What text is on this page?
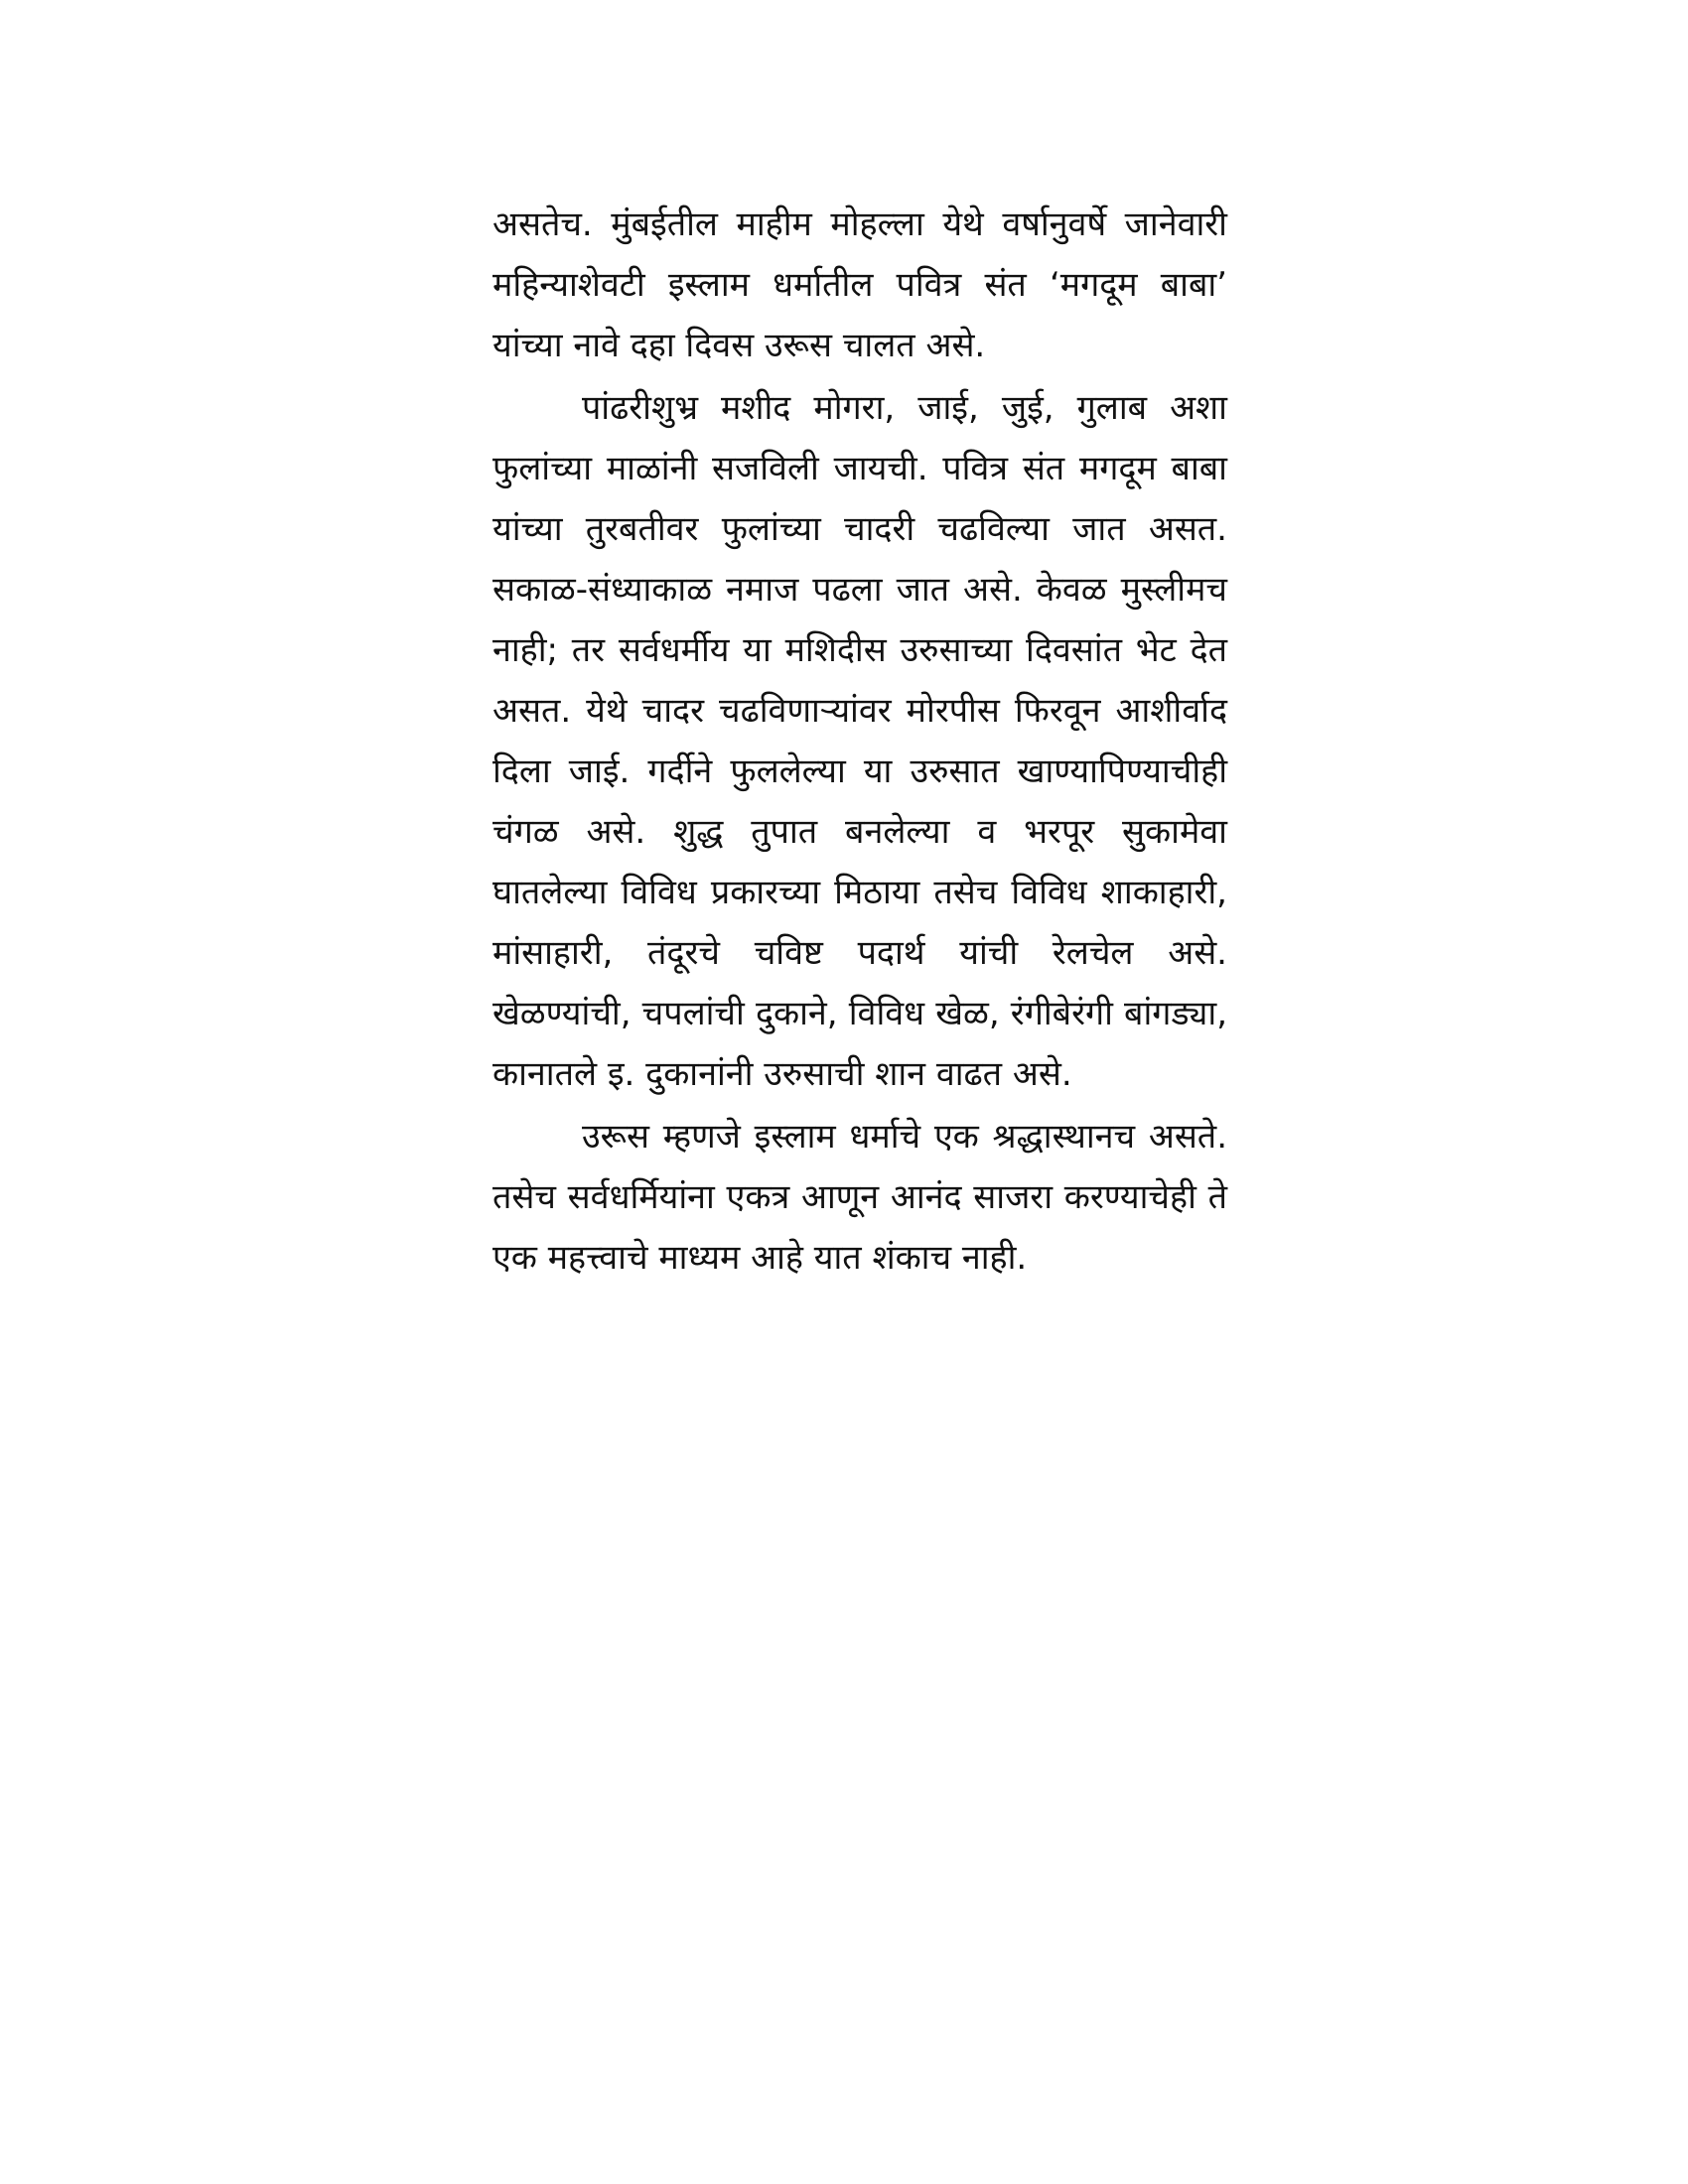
असतेच. मुंबईतील माहीम मोहल्ला येथे वर्षानुवर्षे जानेवारी महिन्याशेवटी इस्लाम धर्मातील पवित्र संत ‘मगदूम बाबा’ यांच्या नावे दहा दिवस उरूस चालत असे.

पांढरीशुभ्र मशीद मोगरा, जाई, जुई, गुलाब अशा फुलांच्या माळांनी सजविली जायची. पवित्र संत मगदूम बाबा यांच्या तुरबतीवर फुलांच्या चादरी चढविल्या जात असत. सकाळ-संध्याकाळ नमाज पढला जात असे. केवळ मुस्लीमच नाही; तर सर्वधर्मीय या मशिदीस उरुसाच्या दिवसांत भेट देत असत. येथे चादर चढविणाऱ्यांवर मोरपीस फिरवून आशीर्वाद दिला जाई. गर्दीने फुललेल्या या उरुसात खाण्यापिण्याचीही चंगळ असे. शुद्ध तुपात बनलेल्या व भरपूर सुकामेवा घातलेल्या विविध प्रकारच्या मिठाया तसेच विविध शाकाहारी, मांसाहारी, तंदूरचे चविष्ट पदार्थ यांची रेलचेल असे. खेळण्यांची, चपलांची दुकाने, विविध खेळ, रंगीबेरंगी बांगड्या, कानातले इ. दुकानांनी उरुसाची शान वाढत असे.

उरूस म्हणजे इस्लाम धर्माचे एक श्रद्धास्थानच असते. तसेच सर्वधर्मियांना एकत्र आणून आनंद साजरा करण्याचेही ते एक महत्त्वाचे माध्यम आहे यात शंकाच नाही.
